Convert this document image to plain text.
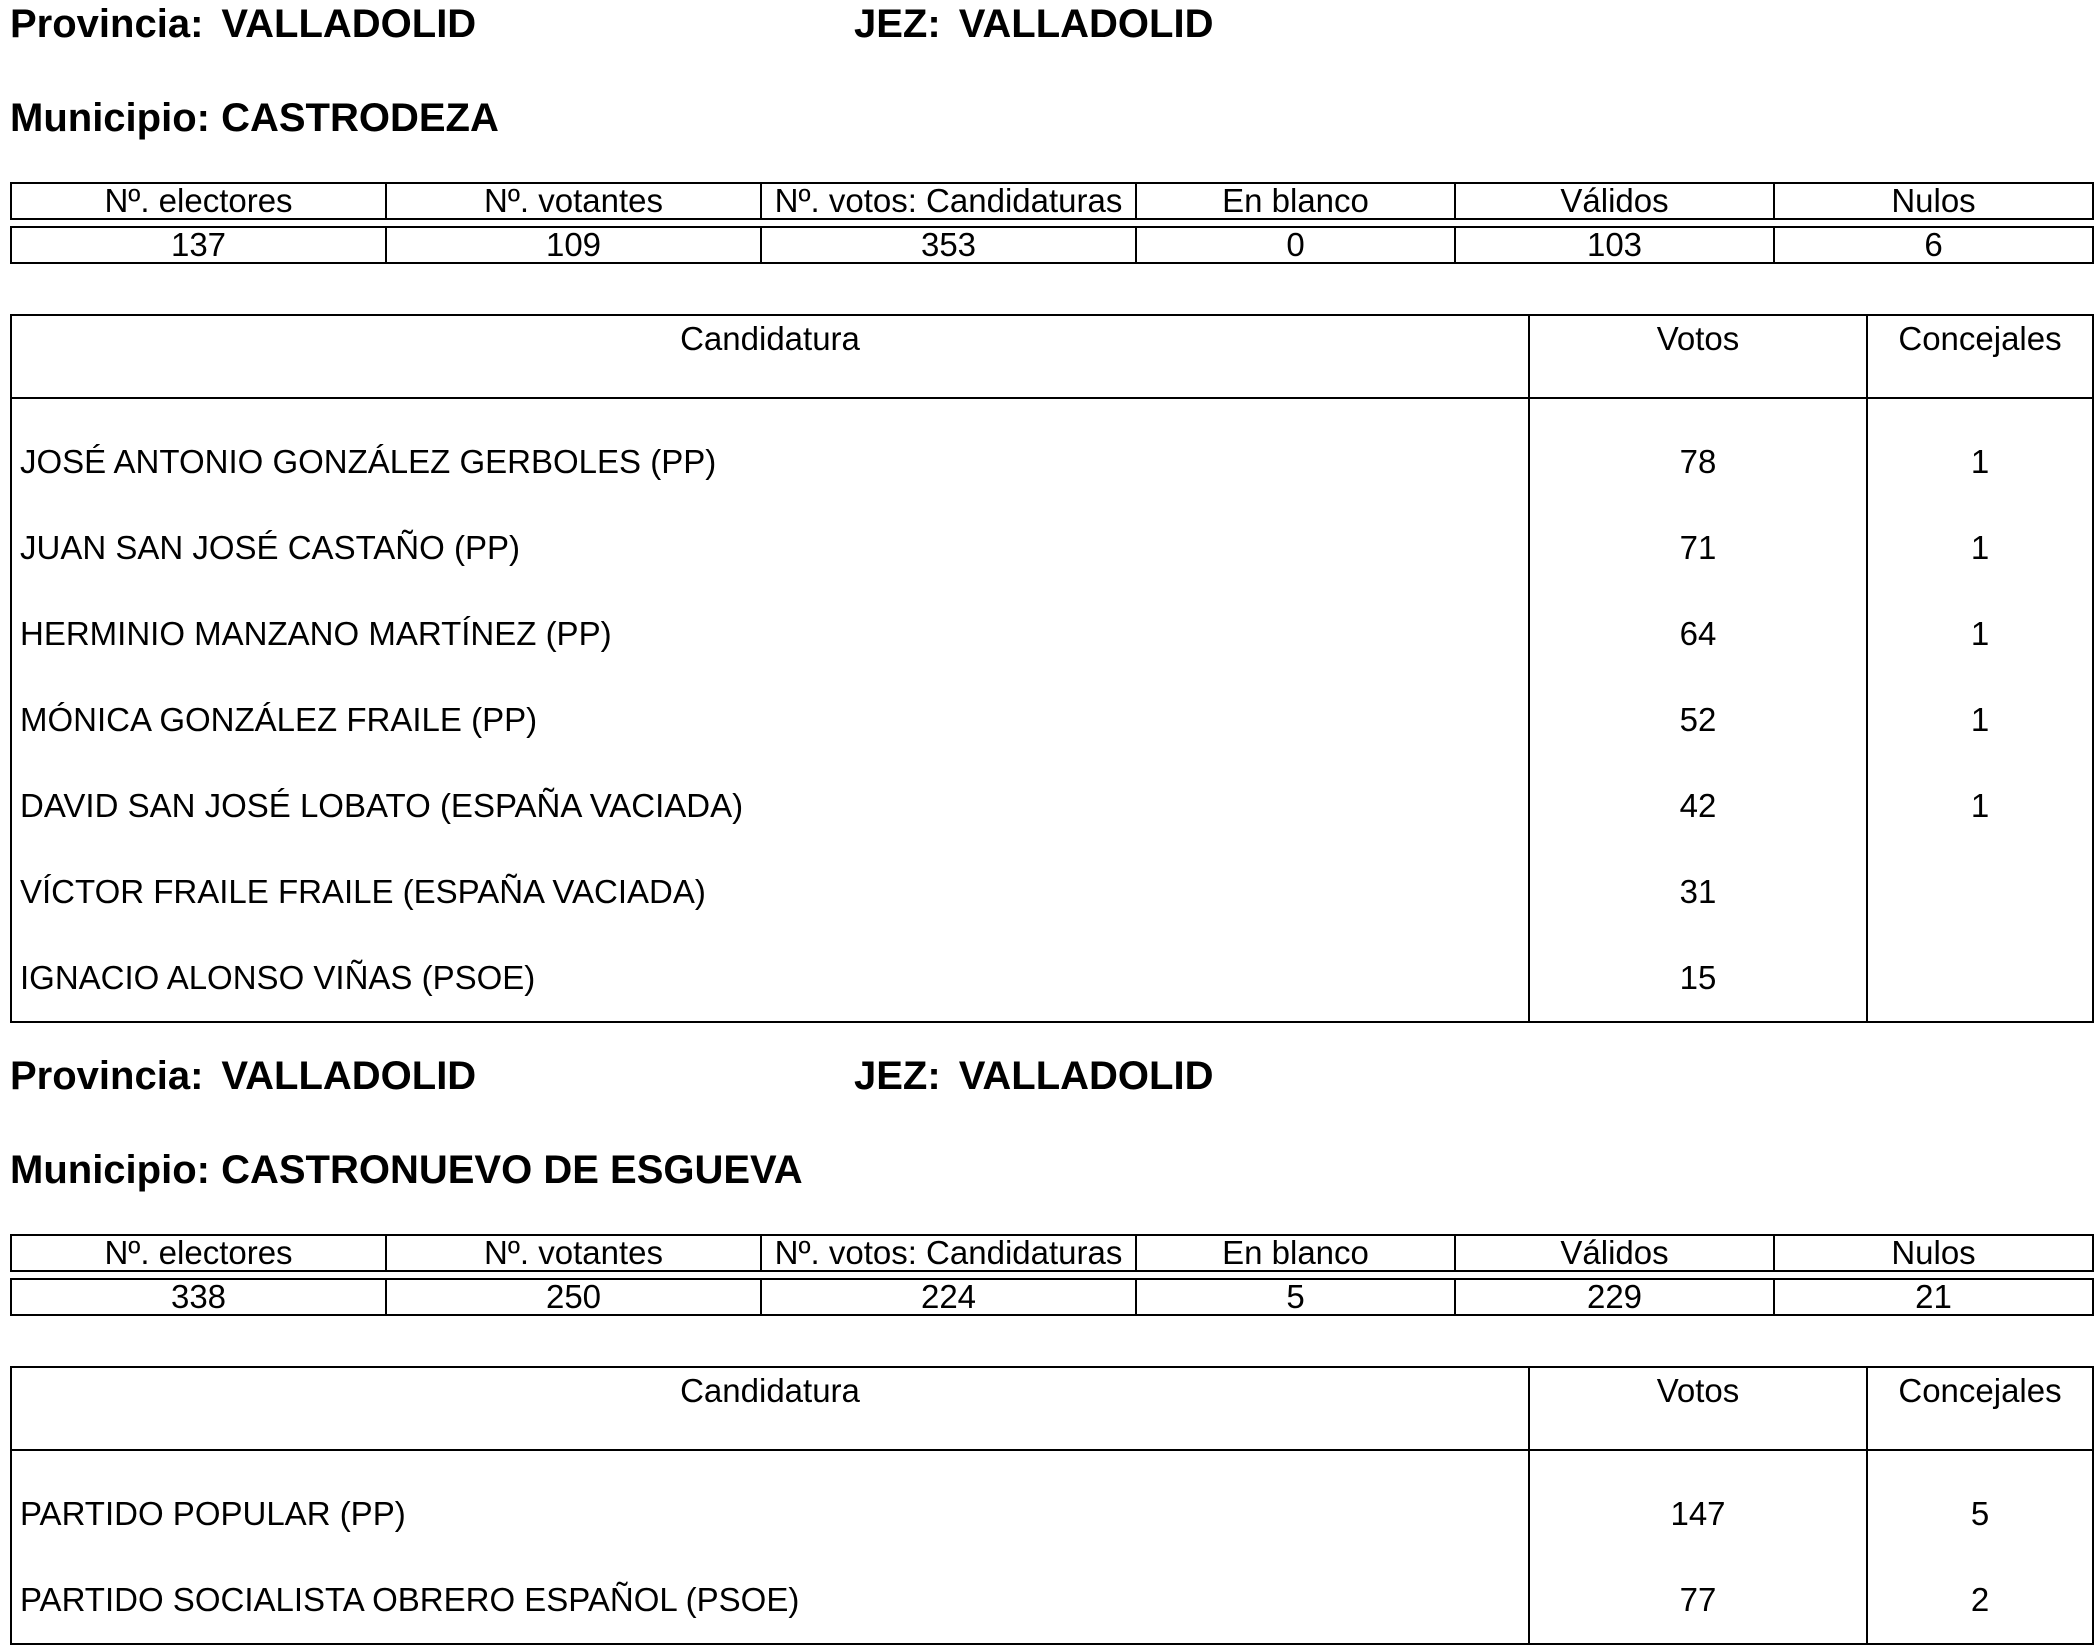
Provincia: VALLADOLID	JEZ: VALLADOLID
Municipio: CASTRODEZA
Nº. electores	Nº. votantes	Nº. votos: Candidaturas	En blanco	Válidos	Nulos

137	109	353	0	103	6
Candidatura	Votos	Concejales
JOSÉ ANTONIO GONZÁLEZ GERBOLES (PP)	78	1
JUAN SAN JOSÉ CASTAÑO (PP)	71	1
HERMINIO MANZANO MARTÍNEZ (PP)	64	1
MÓNICA GONZÁLEZ FRAILE (PP)	52	1
DAVID SAN JOSÉ LOBATO (ESPAÑA VACIADA)	42	1
VÍCTOR FRAILE FRAILE (ESPAÑA VACIADA)	31	
IGNACIO ALONSO VIÑAS (PSOE)	15	
Provincia: VALLADOLID	JEZ: VALLADOLID
Municipio: CASTRONUEVO DE ESGUEVA
Nº. electores	Nº. votantes	Nº. votos: Candidaturas	En blanco	Válidos	Nulos

338	250	224	5	229	21
Candidatura	Votos	Concejales
PARTIDO POPULAR (PP)	147	5
PARTIDO SOCIALISTA OBRERO ESPAÑOL (PSOE)	77	2
